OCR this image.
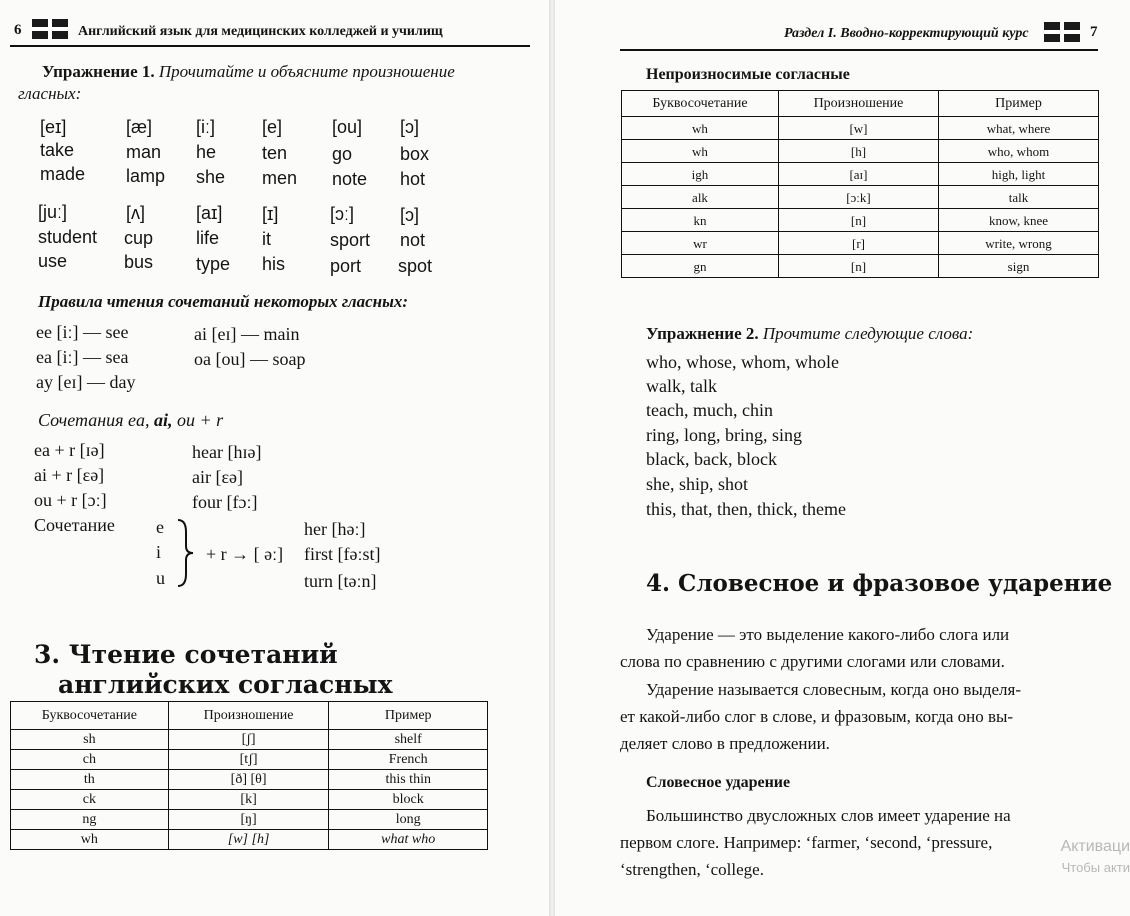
6	Английский язык для медицинских колледжей и училищ
Упражнение 1. Прочитайте и объясните произношение
гласных:
[eɪ]	[æ] [iː]	[e]	[ou] [ɔ]
take	man he	ten go	box
made lamp she men note hot
[juː]	[ʌ]	[aɪ] [ɪ]	[ɔː]	[ɔ]
student cup life it	sport not
use	bus type his port spot
Правила чтения сочетаний некоторых гласных:
ee [iː] — see	ai [eɪ] — main
ea [iː] — sea	oa [ou] — soap
ay [eɪ] — day
Сочетания ea, ai, ou + r
ea + r [ɪə]	hear [hɪə]
ai + r [ɛə]	air [ɛə]
ou + r [ɔː]	four [fɔː]
Сочетание e
i
u
+ r → [ əː]
her [həː]
first [fəːst]
turn [təːn]
3. Чтение сочетаний
английских согласных
Буквосочетание	Произношение	Пример
sh	[ʃ]	shelf
ch	[tʃ]	French
th	[ð] [θ]	this thin
ck	[k]	block
ng	[ŋ]	long
wh	[w] [h]	what who
Раздел I. Вводно-корректирующий курс	7
Непроизносимые согласные
Буквосочетание	Произношение	Пример
wh	[w]	what, where
wh	[h]	who, whom
igh	[aɪ]	high, light
alk	[ɔːk]	talk
kn	[n]	know, knee
wr	[r]	write, wrong
gn	[n]	sign
Упражнение 2. Прочтите следующие слова:
who, whose, whom, whole
walk, talk
teach, much, chin
ring, long, bring, sing
black, back, block
she, ship, shot
this, that, then, thick, theme
4. Словесное и фразовое ударение
Ударение — это выделение какого-либо слога или
слова по сравнению с другими слогами или словами.
Ударение называется словесным, когда оно выделя-
ет какой-либо слог в слове, и фразовым, когда оно вы-
деляет слово в предложении.
Словесное ударение
Большинство двусложных слов имеет ударение на
первом слоге. Например: ‘farmer, ‘second, ‘pressure,
‘strengthen, ‘college.
Активаци
Чтобы акти
